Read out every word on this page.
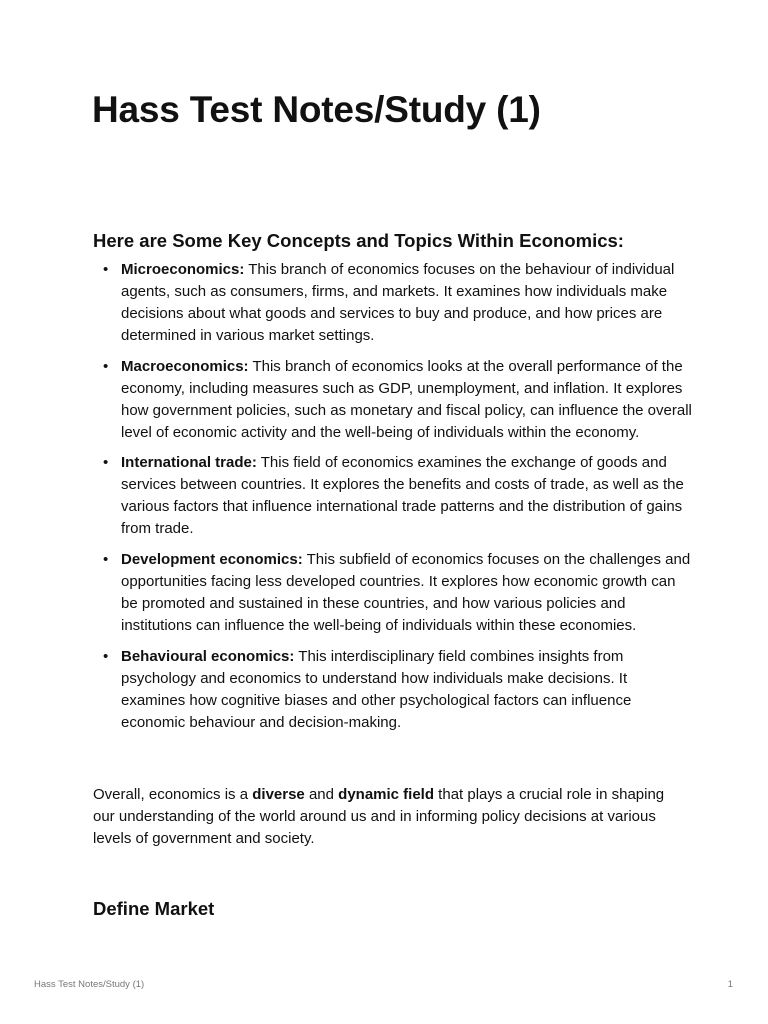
Hass Test Notes/Study (1)
Here are Some Key Concepts and Topics Within Economics:
• Microeconomics: This branch of economics focuses on the behaviour of individual agents, such as consumers, firms, and markets. It examines how individuals make decisions about what goods and services to buy and produce, and how prices are determined in various market settings.
• Macroeconomics: This branch of economics looks at the overall performance of the economy, including measures such as GDP, unemployment, and inflation. It explores how government policies, such as monetary and fiscal policy, can influence the overall level of economic activity and the well-being of individuals within the economy.
• International trade: This field of economics examines the exchange of goods and services between countries. It explores the benefits and costs of trade, as well as the various factors that influence international trade patterns and the distribution of gains from trade.
• Development economics: This subfield of economics focuses on the challenges and opportunities facing less developed countries. It explores how economic growth can be promoted and sustained in these countries, and how various policies and institutions can influence the well-being of individuals within these economies.
• Behavioural economics: This interdisciplinary field combines insights from psychology and economics to understand how individuals make decisions. It examines how cognitive biases and other psychological factors can influence economic behaviour and decision-making.

Overall, economics is a diverse and dynamic field that plays a crucial role in shaping our understanding of the world around us and in informing policy decisions at various levels of government and society.

Define Market
Hass Test Notes/Study (1)	1
